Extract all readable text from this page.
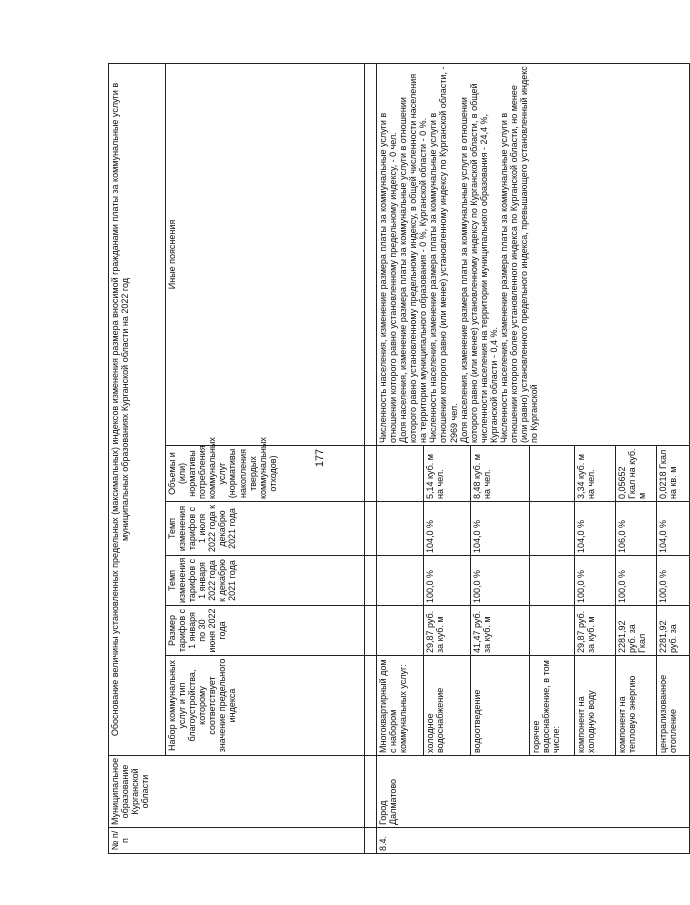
177
№ п/п	Муниципальное образование Курганской области	Обоснование величины установленных предельных (максимальных) индексов изменения размера вносимой гражданами платы за коммунальные услуги в муниципальных образованиях Курганской области на 2022 год					
		Набор коммунальных услуг и тип благоустройства, которому соответствует значение предельного индекса	Размер тарифов с 1 января по 30 июня 2022 года	Темп изменения тарифов с 1 января 2022 года к декабрю 2021 года	Темп изменения тарифов с 1 июля 2022 года к декабрю 2021 года	Объемы и (или) нормативы потребления коммунальных услуг (нормативы накопления твердых коммунальных отходов)	Иные пояснения

8.4.	Город Далматово	Многоквартирный дом с набором коммунальных услуг:					Численность населения, изменение размера платы за коммунальные услуги в отношении которого равно установленному предельному индексу, - 0 чел. Доля населения, изменение размера платы за коммунальные услуги в отношении которого равно установленному предельному индексу, в общей численности населения на территории муниципального образования - 0 %, Курганской области - 0 %. Численность населения, изменение размера платы за коммунальные услуги в отношении которого равно (или менее) установленному индексу по Курганской области, - 2969 чел. Доля населения, изменение размера платы за коммунальные услуги в отношении которого равно (или менее) установленному индексу по Курганской области, в общей численности населения на территории муниципального образования - 24,4 %, Курганской области - 0,4 %. Численность населения, изменение размера платы за коммунальные услуги в отношении которого более установленного индекса по Курганской области, но менее (или равно) установленного предельного индекса, превышающего установленный индекс по Курганской

		холодное водоснабжение	29,87 руб. за куб. м	100,0 %	104,0 %	5,14 куб. м на чел.	
		водоотведение	41,47 руб. за куб. м	100,0 %	104,0 %	8,48 куб. м на чел.	
		горячее водоснабжение, в том числе:					
		компонент на холодную воду	29,87 руб. за куб. м	100,0 %	104,0 %	3,34 куб. м на чел.	
		компонент на тепловую энергию	2281,92 руб. за Гкал	100,0 %	106,0 %	0,05652 Гкал на куб. м	
		централизованное отопление	2281,92 руб. за	100,0 %	104,0 %	0,0218 Гкал на кв. м	
